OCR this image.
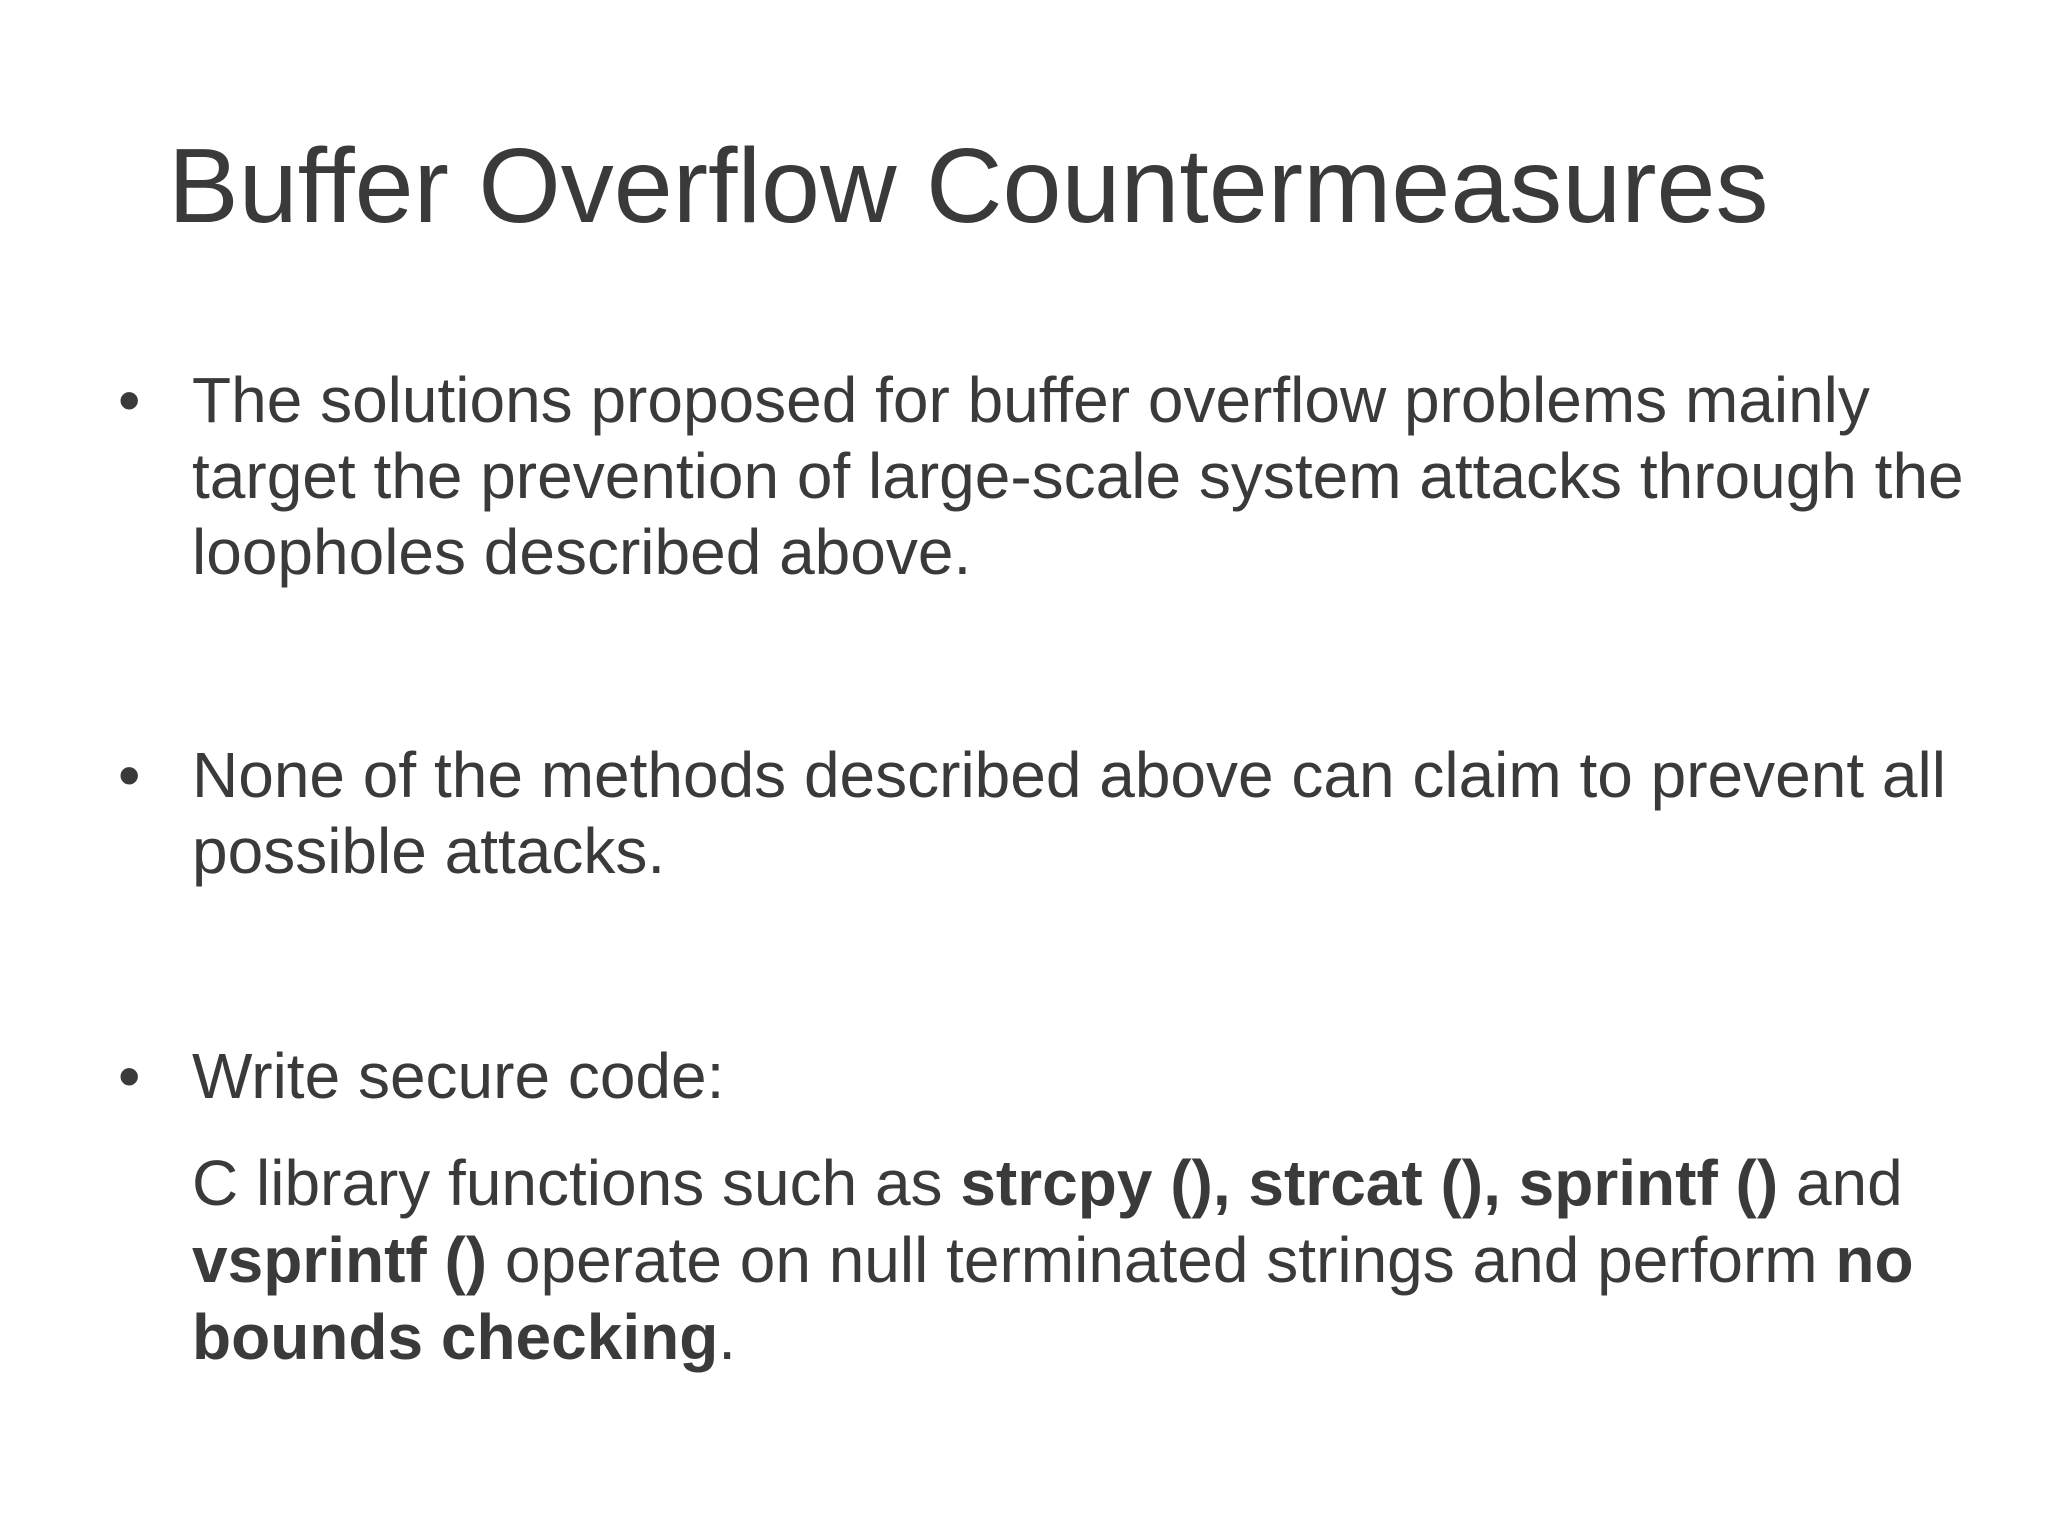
Buffer Overflow Countermeasures
• The solutions proposed for buffer overflow problems mainly target the prevention of large-scale system attacks through the loopholes described above.

• None of the methods described above can claim to prevent all possible attacks.

• Write secure code:

C library functions such as strcpy (), strcat (), sprintf () and vsprintf () operate on null terminated strings and perform no bounds checking.
